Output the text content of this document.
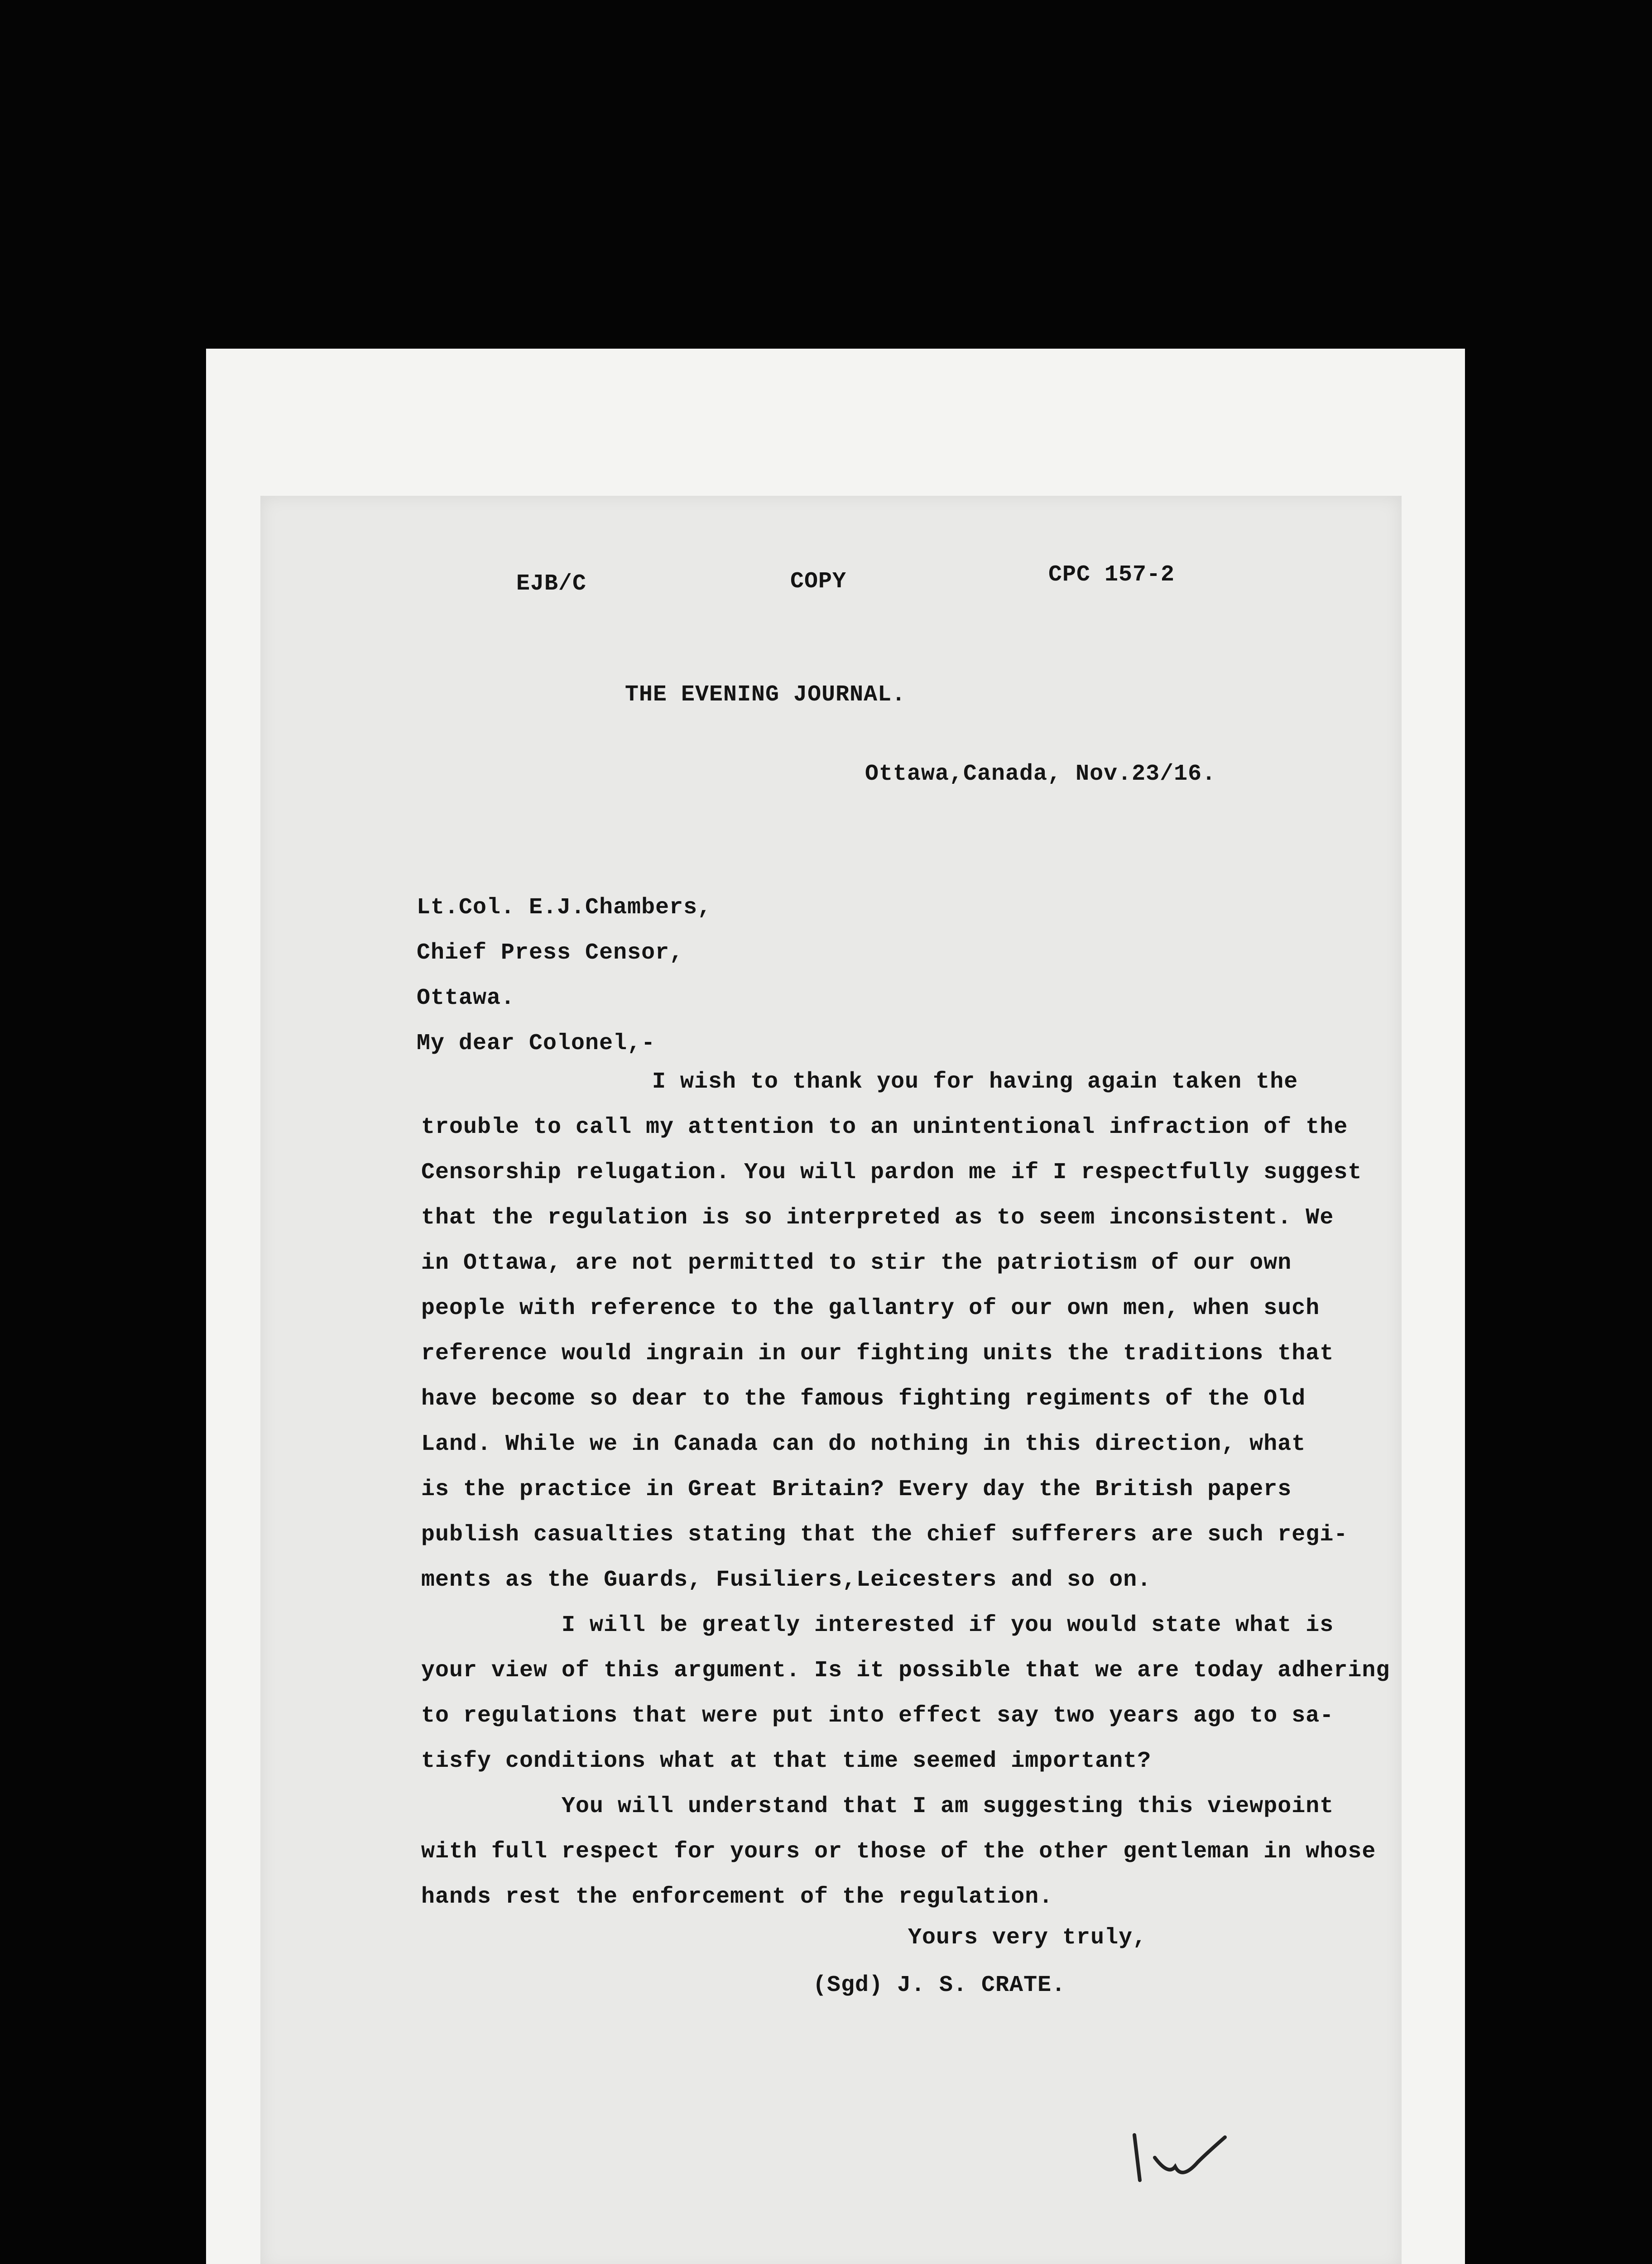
EJB/C	COPY	CPC 157-2
THE EVENING JOURNAL.
Ottawa,Canada, Nov.23/16.
Lt.Col. E.J.Chambers,
Chief Press Censor,
Ottawa.
My dear Colonel,-
I wish to thank you for having again taken the
trouble to call my attention to an unintentional infraction of the
Censorship relugation. You will pardon me if I respectfully suggest
that the regulation is so interpreted as to seem inconsistent. We
in Ottawa, are not permitted to stir the patriotism of our own
people with reference to the gallantry of our own men, when such
reference would ingrain in our fighting units the traditions that
have become so dear to the famous fighting regiments of the Old
Land. While we in Canada can do nothing in this direction, what
is the practice in Great Britain? Every day the British papers
publish casualties stating that the chief sufferers are such regi-
ments as the Guards, Fusiliers,Leicesters and so on.
I will be greatly interested if you would state what is
your view of this argument. Is it possible that we are today adhering
to regulations that were put into effect say two years ago to sa-
tisfy conditions what at that time seemed important?
You will understand that I am suggesting this viewpoint
with full respect for yours or those of the other gentleman in whose
hands rest the enforcement of the regulation.
Yours very truly,
(Sgd) J. S. CRATE.
